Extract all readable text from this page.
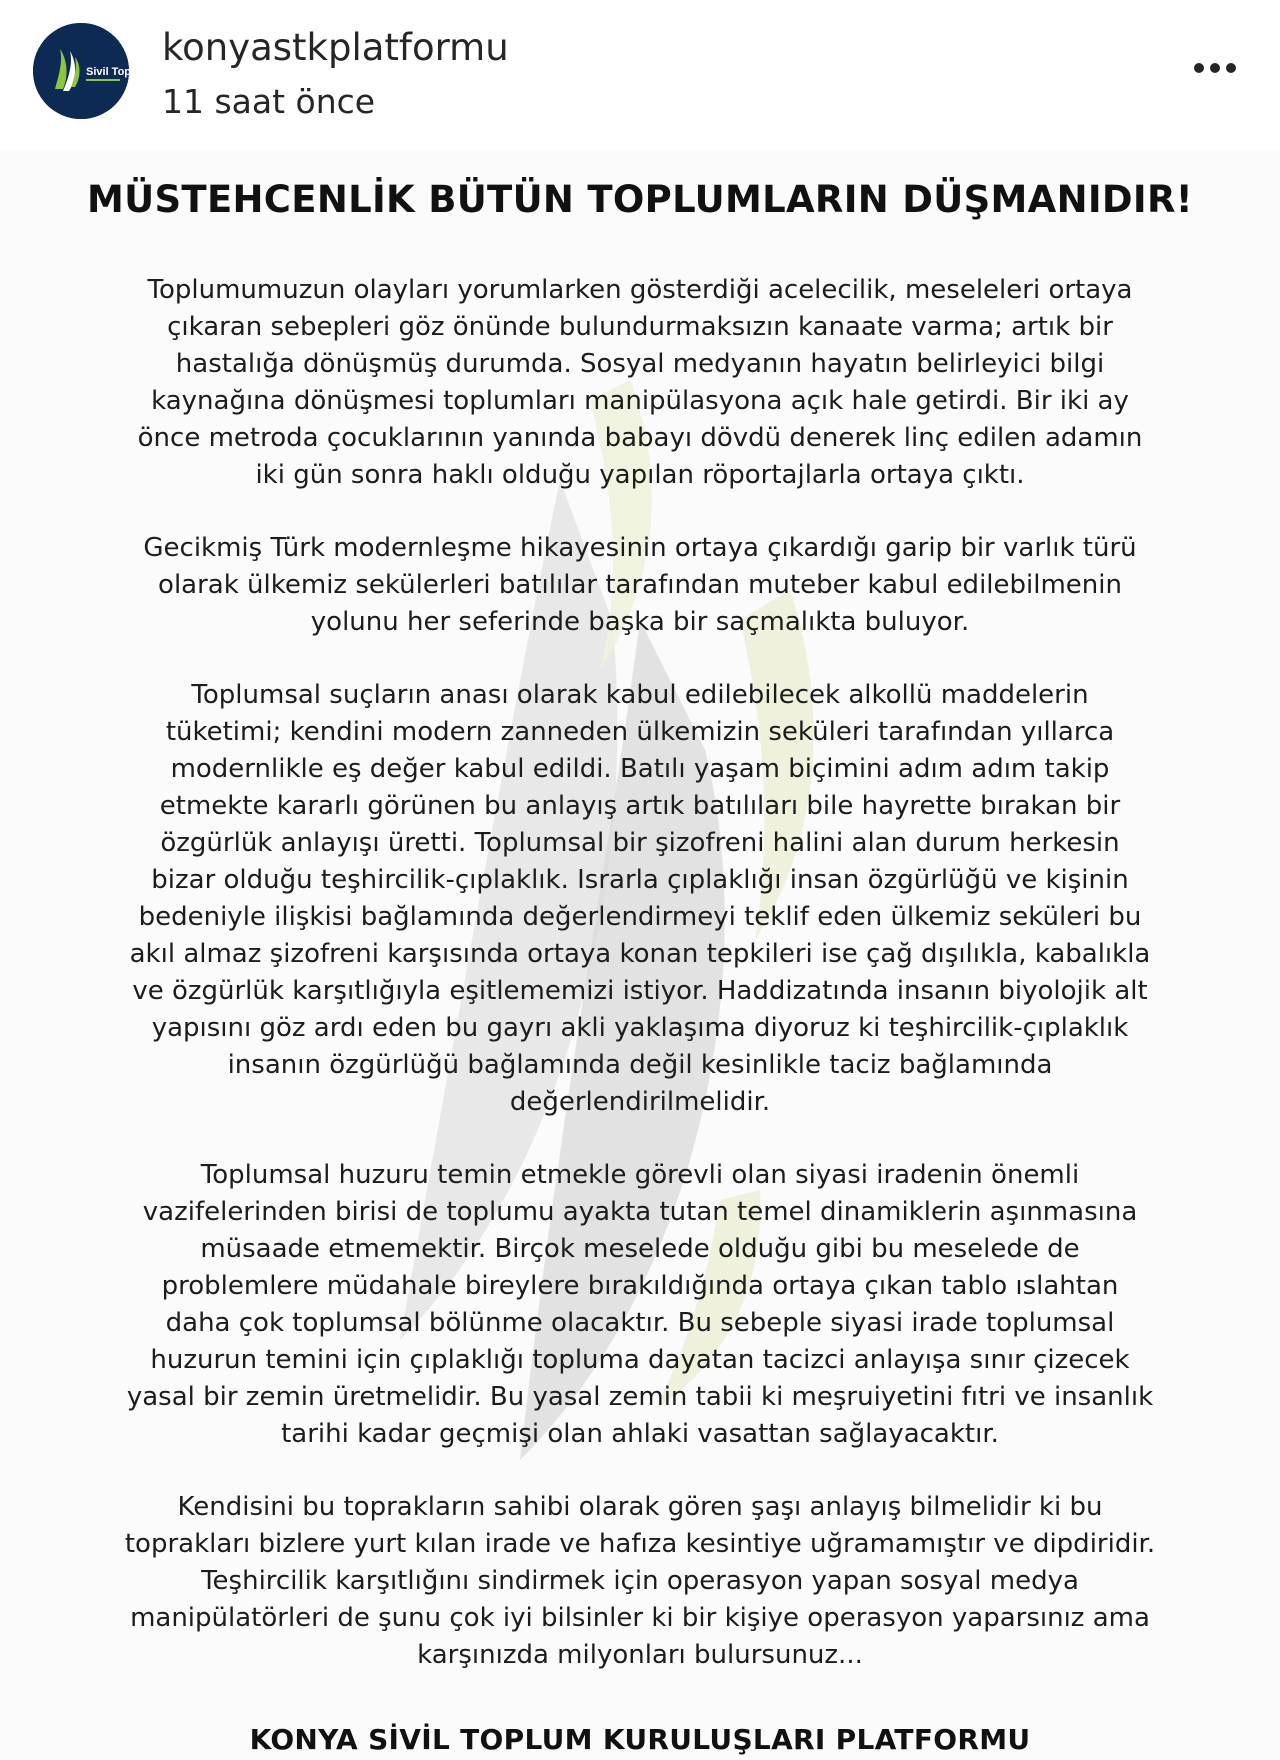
Sivil Toplum
konyastkplatformu
11 saat önce
MÜSTEHCENLİK BÜTÜN TOPLUMLARIN DÜŞMANIDIR!

Toplumumuzun olayları yorumlarken gösterdiği acelecilik, meseleleri ortaya
çıkaran sebepleri göz önünde bulundurmaksızın kanaate varma; artık bir
hastalığa dönüşmüş durumda. Sosyal medyanın hayatın belirleyici bilgi
kaynağına dönüşmesi toplumları manipülasyona açık hale getirdi. Bir iki ay
önce metroda çocuklarının yanında babayı dövdü denerek linç edilen adamın
iki gün sonra haklı olduğu yapılan röportajlarla ortaya çıktı.

Gecikmiş Türk modernleşme hikayesinin ortaya çıkardığı garip bir varlık türü
olarak ülkemiz sekülerleri batılılar tarafından muteber kabul edilebilmenin
yolunu her seferinde başka bir saçmalıkta buluyor.

Toplumsal suçların anası olarak kabul edilebilecek alkollü maddelerin
tüketimi; kendini modern zanneden ülkemizin seküleri tarafından yıllarca
modernlikle eş değer kabul edildi. Batılı yaşam biçimini adım adım takip
etmekte kararlı görünen bu anlayış artık batılıları bile hayrette bırakan bir
özgürlük anlayışı üretti. Toplumsal bir şizofreni halini alan durum herkesin
bizar olduğu teşhircilik-çıplaklık. Israrla çıplaklığı insan özgürlüğü ve kişinin
bedeniyle ilişkisi bağlamında değerlendirmeyi teklif eden ülkemiz seküleri bu
akıl almaz şizofreni karşısında ortaya konan tepkileri ise çağ dışılıkla, kabalıkla
ve özgürlük karşıtlığıyla eşitlememizi istiyor. Haddizatında insanın biyolojik alt
yapısını göz ardı eden bu gayrı akli yaklaşıma diyoruz ki teşhircilik-çıplaklık
insanın özgürlüğü bağlamında değil kesinlikle taciz bağlamında
değerlendirilmelidir.

Toplumsal huzuru temin etmekle görevli olan siyasi iradenin önemli
vazifelerinden birisi de toplumu ayakta tutan temel dinamiklerin aşınmasına
müsaade etmemektir. Birçok meselede olduğu gibi bu meselede de
problemlere müdahale bireylere bırakıldığında ortaya çıkan tablo ıslahtan
daha çok toplumsal bölünme olacaktır. Bu sebeple siyasi irade toplumsal
huzurun temini için çıplaklığı topluma dayatan tacizci anlayışa sınır çizecek
yasal bir zemin üretmelidir. Bu yasal zemin tabii ki meşruiyetini fıtri ve insanlık
tarihi kadar geçmişi olan ahlaki vasattan sağlayacaktır.

Kendisini bu toprakların sahibi olarak gören şaşı anlayış bilmelidir ki bu
toprakları bizlere yurt kılan irade ve hafıza kesintiye uğramamıştır ve dipdiridir.
Teşhircilik karşıtlığını sindirmek için operasyon yapan sosyal medya
manipülatörleri de şunu çok iyi bilsinler ki bir kişiye operasyon yaparsınız ama
karşınızda milyonları bulursunuz...

KONYA SİVİL TOPLUM KURULUŞLARI PLATFORMU
